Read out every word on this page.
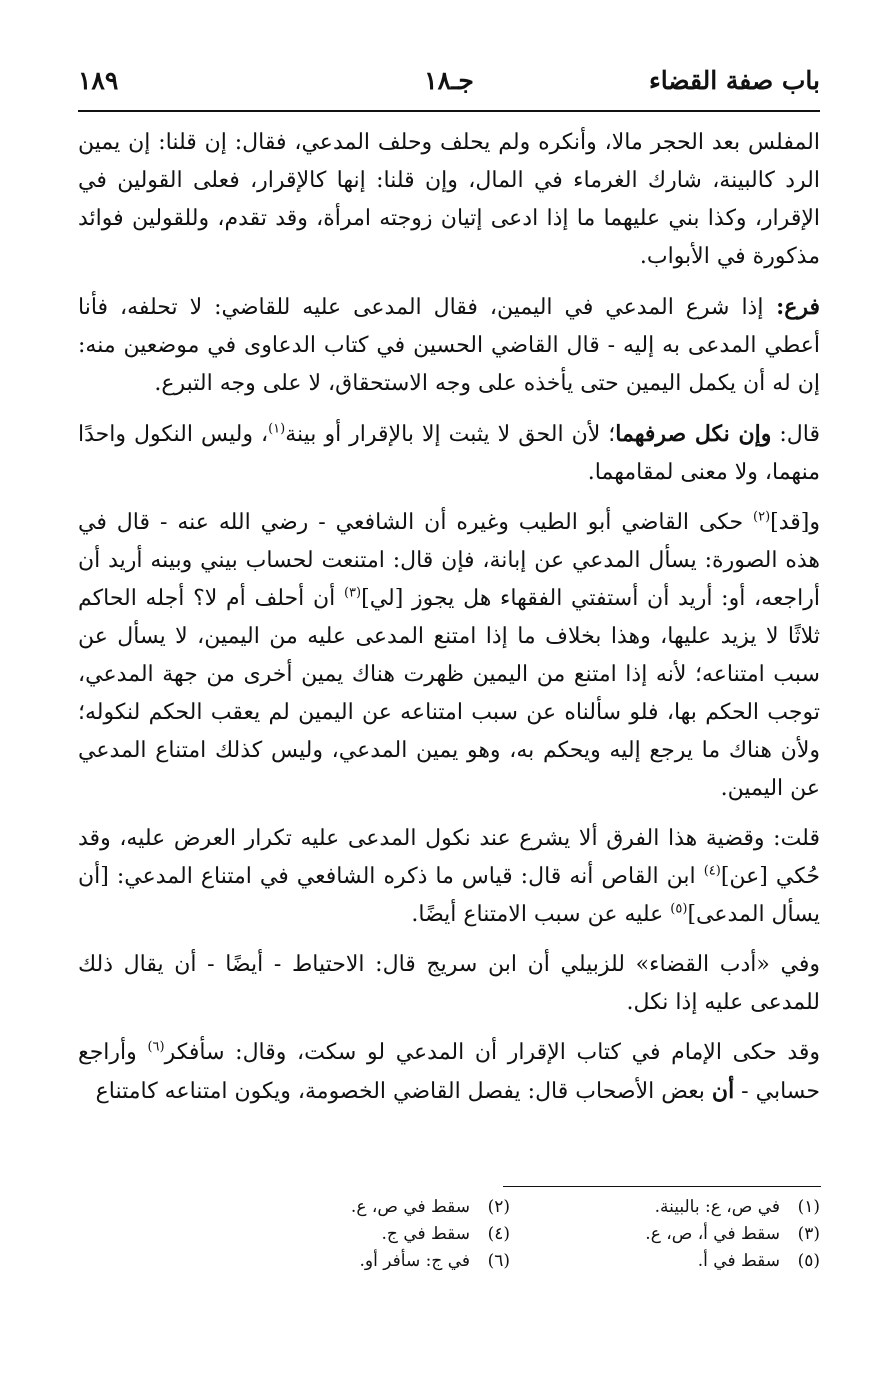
باب صفة القضاء
جـ١٨
١٨٩

المفلس بعد الحجر مالا، وأنكره ولم يحلف وحلف المدعي، فقال: إن قلنا: إن يمين الرد كالبينة، شارك الغرماء في المال، وإن قلنا: إنها كالإقرار، فعلى القولين في الإقرار، وكذا بني عليهما ما إذا ادعى إتيان زوجته امرأة، وقد تقدم، وللقولين فوائد مذكورة في الأبواب.

فرع: إذا شرع المدعي في اليمين، فقال المدعى عليه للقاضي: لا تحلفه، فأنا أعطي المدعى به إليه - قال القاضي الحسين في كتاب الدعاوى في موضعين منه: إن له أن يكمل اليمين حتى يأخذه على وجه الاستحقاق، لا على وجه التبرع.

قال: وإن نكل صرفهما؛ لأن الحق لا يثبت إلا بالإقرار أو بينة$^{(١)}$، وليس النكول واحدًا منهما، ولا معنى لمقامهما.

و[قد]$^{(٢)}$ حكى القاضي أبو الطيب وغيره أن الشافعي - رضي الله عنه - قال في هذه الصورة: يسأل المدعي عن إبانة، فإن قال: امتنعت لحساب بيني وبينه أريد أن أراجعه، أو: أريد أن أستفتي الفقهاء هل يجوز [لي]$^{(٣)}$ أن أحلف أم لا؟ أجله الحاكم ثلاثًا لا يزيد عليها، وهذا بخلاف ما إذا امتنع المدعى عليه من اليمين، لا يسأل عن سبب امتناعه؛ لأنه إذا امتنع من اليمين ظهرت هناك يمين أخرى من جهة المدعي، توجب الحكم بها، فلو سألناه عن سبب امتناعه عن اليمين لم يعقب الحكم لنكوله؛ ولأن هناك ما يرجع إليه ويحكم به، وهو يمين المدعي، وليس كذلك امتناع المدعي عن اليمين.

قلت: وقضية هذا الفرق ألا يشرع عند نكول المدعى عليه تكرار العرض عليه، وقد حُكي [عن]$^{(٤)}$ ابن القاص أنه قال: قياس ما ذكره الشافعي في امتناع المدعي: [أن يسأل المدعى]$^{(٥)}$ عليه عن سبب الامتناع أيضًا.

وفي «أدب القضاء» للزبيلي أن ابن سريج قال: الاحتياط - أيضًا - أن يقال ذلك للمدعى عليه إذا نكل.

وقد حكى الإمام في كتاب الإقرار أن المدعي لو سكت، وقال: سأفكر$^{(٦)}$ وأراجع حسابي - أن بعض الأصحاب قال: يفصل القاضي الخصومة، ويكون امتناعه كامتناع

(١)في ص، ع: بالبينة.
(٣)سقط في أ، ص، ع.
(٥)سقط في أ.
(٢)سقط في ص، ع.
(٤)سقط في ج.
(٦)في ج: سأفر أو.
